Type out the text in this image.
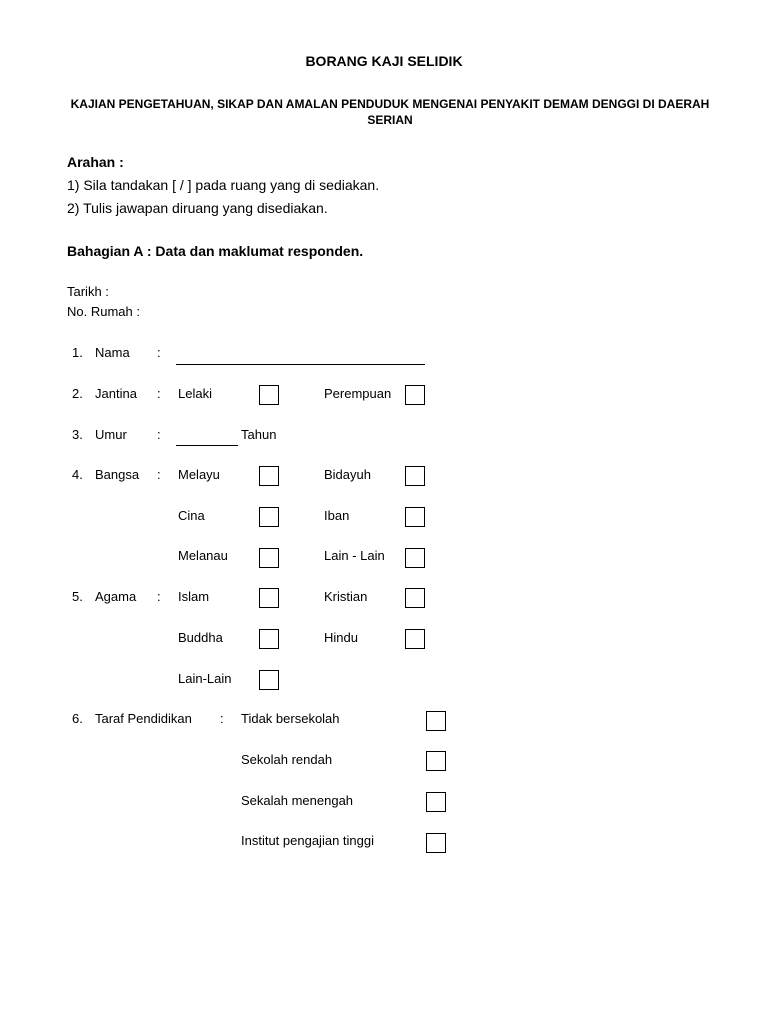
BORANG KAJI SELIDIK
KAJIAN PENGETAHUAN, SIKAP DAN AMALAN PENDUDUK MENGENAI PENYAKIT DEMAM DENGGI DI DAERAH SERIAN
Arahan :
1) Sila tandakan [ / ] pada ruang yang di sediakan.
2) Tulis jawapan diruang yang disediakan.
Bahagian A : Data dan maklumat responden.
Tarikh :
No. Rumah :
1. Nama :
2. Jantina : Lelaki	Perempuan
3. Umur :	Tahun
4. Bangsa : Melayu	Bidayuh
Cina	Iban
Melanau	Lain - Lain
5. Agama : Islam	Kristian
Buddha	Hindu
Lain-Lain
6. Taraf Pendidikan : Tidak bersekolah
Sekolah rendah
Sekalah menengah
Institut pengajian tinggi
